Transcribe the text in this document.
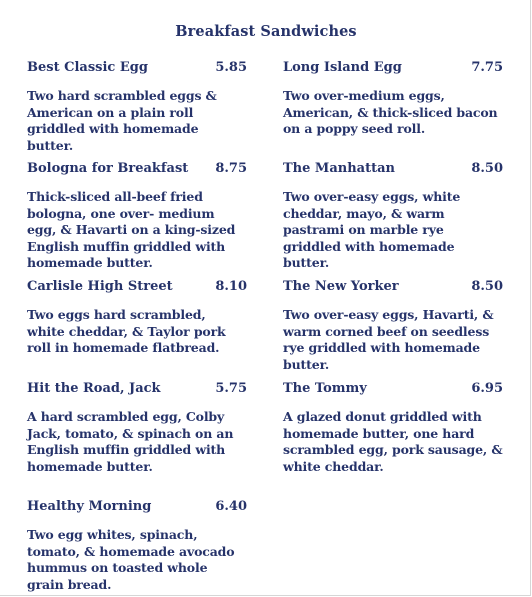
Breakfast Sandwiches
Best Classic Egg	5.85
Two hard scrambled eggs & American on a plain roll griddled with homemade butter.
Long Island Egg	7.75
Two over-medium eggs, American, & thick-sliced bacon on a poppy seed roll.
Bologna for Breakfast 8.75
Thick-sliced all-beef fried bologna, one over- medium egg, & Havarti on a king-sized English muffin griddled with homemade butter.
The Manhattan	8.50
Two over-easy eggs, white cheddar, mayo, & warm pastrami on marble rye griddled with homemade butter.
Carlisle High Street	8.10
Two eggs hard scrambled, white cheddar, & Taylor pork roll in homemade flatbread.
The New Yorker	8.50
Two over-easy eggs, Havarti, & warm corned beef on seedless rye griddled with homemade butter.
Hit the Road, Jack	5.75
A hard scrambled egg, Colby Jack, tomato, & spinach on an English muffin griddled with homemade butter.
The Tommy	6.95
A glazed donut griddled with homemade butter, one hard scrambled egg, pork sausage, & white cheddar.
Healthy Morning	6.40
Two egg whites, spinach, tomato, & homemade avocado hummus on toasted whole grain bread.
